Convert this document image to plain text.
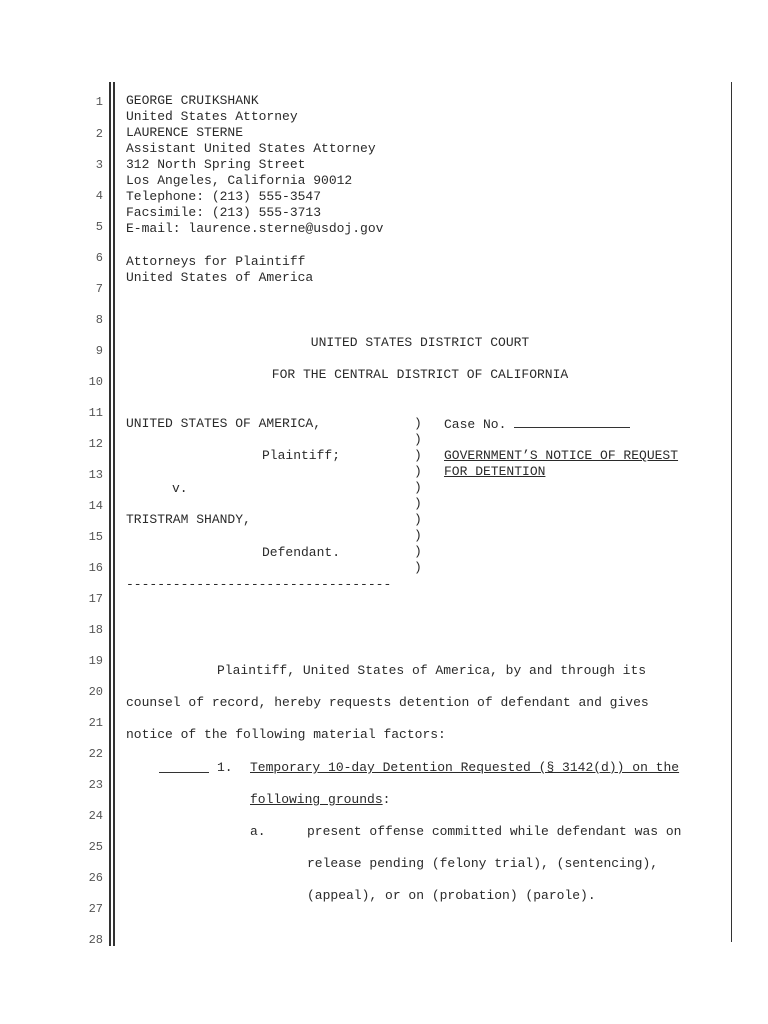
1
2
3
4
5
6
7
8
9
10
11
12
13
14
15
16
17
18
19
20
21
22
23
24
25
26
27
28
GEORGE CRUIKSHANK
United States Attorney
LAURENCE STERNE
Assistant United States Attorney
312 North Spring Street
Los Angeles, California 90012
Telephone: (213) 555-3547
Facsimile: (213) 555-3713
E-mail: laurence.sterne@usdoj.gov
Attorneys for Plaintiff
United States of America
UNITED STATES DISTRICT COURT
FOR THE CENTRAL DISTRICT OF CALIFORNIA
UNITED STATES OF AMERICA,
Plaintiff;
v.
TRISTRAM SHANDY,
Defendant.
----------------------------------
)
)
)
)
)
)
)
)
)
)
Case No.
GOVERNMENT’S NOTICE OF REQUEST
FOR DETENTION
Plaintiff, United States of America, by and through its
counsel of record, hereby requests detention of defendant and gives
notice of the following material factors:
1. Temporary 10-day Detention Requested (§ 3142(d)) on the
following grounds:
a.	present offense committed while defendant was on
release pending (felony trial), (sentencing),
(appeal), or on (probation) (parole).
